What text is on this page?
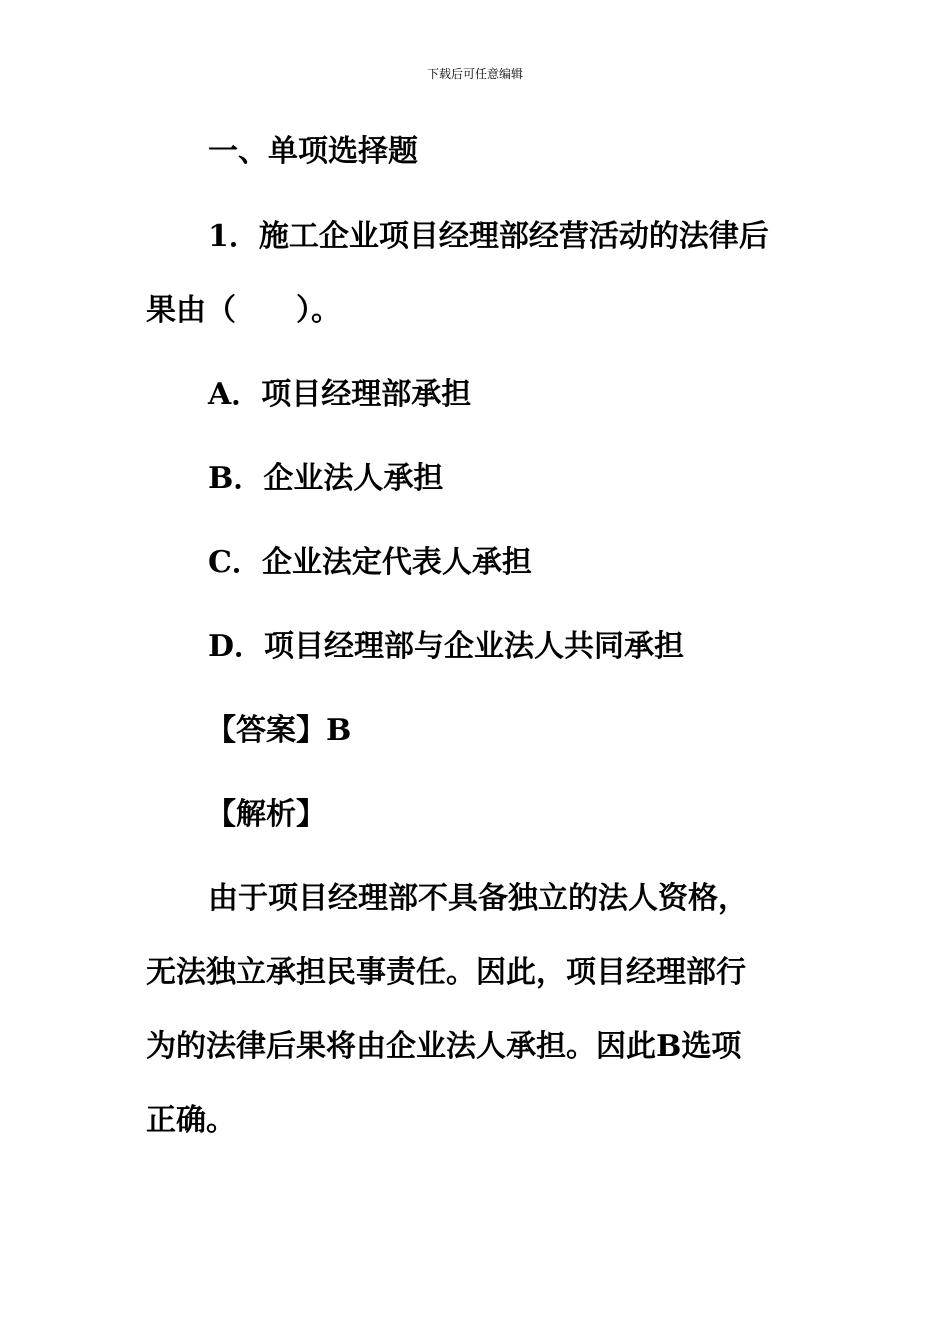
下载后可任意编辑
一、单项选择题
1．施工企业项目经理部经营活动的法律后
果由（　　）。
A．项目经理部承担
B．企业法人承担
C．企业法定代表人承担
D．项目经理部与企业法人共同承担
【答案】B
【解析】
由于项目经理部不具备独立的法人资格，
无法独立承担民事责任。因此，项目经理部行
为的法律后果将由企业法人承担。因此B选项
正确。
